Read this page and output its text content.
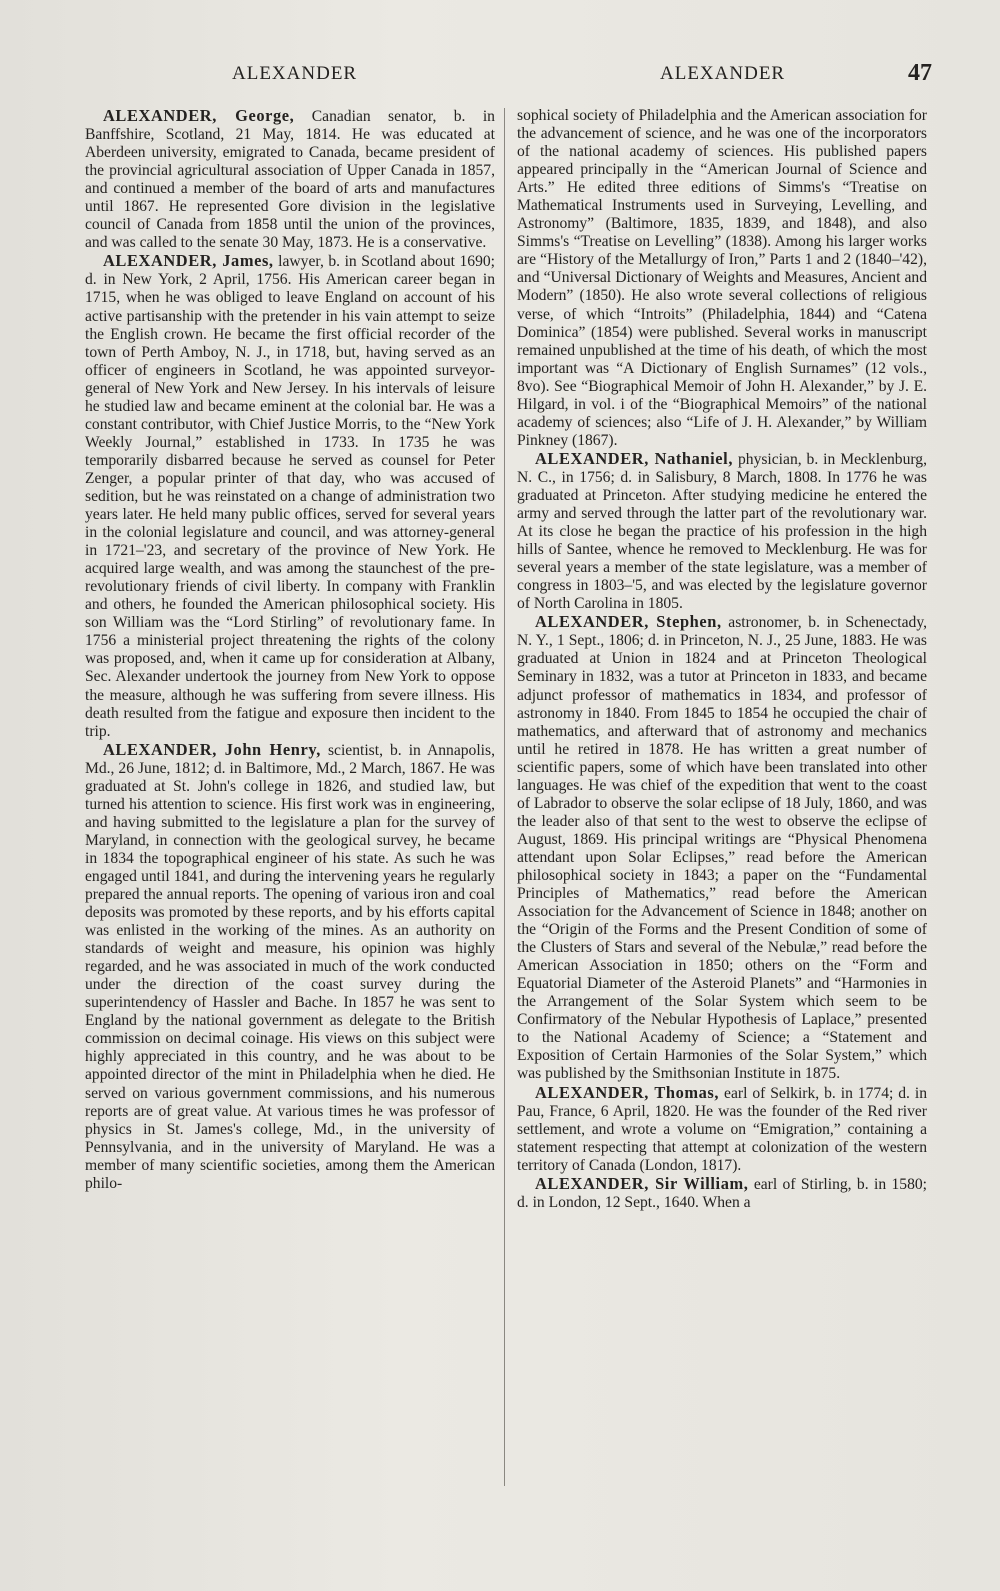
ALEXANDER	ALEXANDER	47

ALEXANDER, George, Canadian senator, b. in Banffshire, Scotland, 21 May, 1814. He was educated at Aberdeen university, emigrated to Canada, became president of the provincial agricultural association of Upper Canada in 1857, and continued a member of the board of arts and manufactures until 1867. He represented Gore division in the legislative council of Canada from 1858 until the union of the provinces, and was called to the senate 30 May, 1873. He is a conservative.

ALEXANDER, James, lawyer, b. in Scotland about 1690; d. in New York, 2 April, 1756. His American career began in 1715, when he was obliged to leave England on account of his active partisanship with the pretender in his vain attempt to seize the English crown. He became the first official recorder of the town of Perth Amboy, N. J., in 1718, but, having served as an officer of engineers in Scotland, he was appointed surveyor-general of New York and New Jersey. In his intervals of leisure he studied law and became eminent at the colonial bar. He was a constant contributor, with Chief Justice Morris, to the “New York Weekly Journal,” established in 1733. In 1735 he was temporarily disbarred because he served as counsel for Peter Zenger, a popular printer of that day, who was accused of sedition, but he was reinstated on a change of administration two years later. He held many public offices, served for several years in the colonial legislature and council, and was attorney-general in 1721–'23, and secretary of the province of New York. He acquired large wealth, and was among the staunchest of the pre-revolutionary friends of civil liberty. In company with Franklin and others, he founded the American philosophical society. His son William was the “Lord Stirling” of revolutionary fame. In 1756 a ministerial project threatening the rights of the colony was proposed, and, when it came up for consideration at Albany, Sec. Alexander undertook the journey from New York to oppose the measure, although he was suffering from severe illness. His death resulted from the fatigue and exposure then incident to the trip.

ALEXANDER, John Henry, scientist, b. in Annapolis, Md., 26 June, 1812; d. in Baltimore, Md., 2 March, 1867. He was graduated at St. John's college in 1826, and studied law, but turned his attention to science. His first work was in engineering, and having submitted to the legislature a plan for the survey of Maryland, in connection with the geological survey, he became in 1834 the topographical engineer of his state. As such he was engaged until 1841, and during the intervening years he regularly prepared the annual reports. The opening of various iron and coal deposits was promoted by these reports, and by his efforts capital was enlisted in the working of the mines. As an authority on standards of weight and measure, his opinion was highly regarded, and he was associated in much of the work conducted under the direction of the coast survey during the superintendency of Hassler and Bache. In 1857 he was sent to England by the national government as delegate to the British commission on decimal coinage. His views on this subject were highly appreciated in this country, and he was about to be appointed director of the mint in Philadelphia when he died. He served on various government commissions, and his numerous reports are of great value. At various times he was professor of physics in St. James's college, Md., in the university of Pennsylvania, and in the university of Maryland. He was a member of many scientific societies, among them the American philo-

sophical society of Philadelphia and the American association for the advancement of science, and he was one of the incorporators of the national academy of sciences. His published papers appeared principally in the “American Journal of Science and Arts.” He edited three editions of Simms's “Treatise on Mathematical Instruments used in Surveying, Levelling, and Astronomy” (Baltimore, 1835, 1839, and 1848), and also Simms's “Treatise on Levelling” (1838). Among his larger works are “History of the Metallurgy of Iron,” Parts 1 and 2 (1840–'42), and “Universal Dictionary of Weights and Measures, Ancient and Modern” (1850). He also wrote several collections of religious verse, of which “Introits” (Philadelphia, 1844) and “Catena Dominica” (1854) were published. Several works in manuscript remained unpublished at the time of his death, of which the most important was “A Dictionary of English Surnames” (12 vols., 8vo). See “Biographical Memoir of John H. Alexander,” by J. E. Hilgard, in vol. i of the “Biographical Memoirs” of the national academy of sciences; also “Life of J. H. Alexander,” by William Pinkney (1867).

ALEXANDER, Nathaniel, physician, b. in Mecklenburg, N. C., in 1756; d. in Salisbury, 8 March, 1808. In 1776 he was graduated at Princeton. After studying medicine he entered the army and served through the latter part of the revolutionary war. At its close he began the practice of his profession in the high hills of Santee, whence he removed to Mecklenburg. He was for several years a member of the state legislature, was a member of congress in 1803–'5, and was elected by the legislature governor of North Carolina in 1805.

ALEXANDER, Stephen, astronomer, b. in Schenectady, N. Y., 1 Sept., 1806; d. in Princeton, N. J., 25 June, 1883. He was graduated at Union in 1824 and at Princeton Theological Seminary in 1832, was a tutor at Princeton in 1833, and became adjunct professor of mathematics in 1834, and professor of astronomy in 1840. From 1845 to 1854 he occupied the chair of mathematics, and afterward that of astronomy and mechanics until he retired in 1878. He has written a great number of scientific papers, some of which have been translated into other languages. He was chief of the expedition that went to the coast of Labrador to observe the solar eclipse of 18 July, 1860, and was the leader also of that sent to the west to observe the eclipse of August, 1869. His principal writings are “Physical Phenomena attendant upon Solar Eclipses,” read before the American philosophical society in 1843; a paper on the “Fundamental Principles of Mathematics,” read before the American Association for the Advancement of Science in 1848; another on the “Origin of the Forms and the Present Condition of some of the Clusters of Stars and several of the Nebulæ,” read before the American Association in 1850; others on the “Form and Equatorial Diameter of the Asteroid Planets” and “Harmonies in the Arrangement of the Solar System which seem to be Confirmatory of the Nebular Hypothesis of Laplace,” presented to the National Academy of Science; a “Statement and Exposition of Certain Harmonies of the Solar System,” which was published by the Smithsonian Institute in 1875.

ALEXANDER, Thomas, earl of Selkirk, b. in 1774; d. in Pau, France, 6 April, 1820. He was the founder of the Red river settlement, and wrote a volume on “Emigration,” containing a statement respecting that attempt at colonization of the western territory of Canada (London, 1817).

ALEXANDER, Sir William, earl of Stirling, b. in 1580; d. in London, 12 Sept., 1640. When a
